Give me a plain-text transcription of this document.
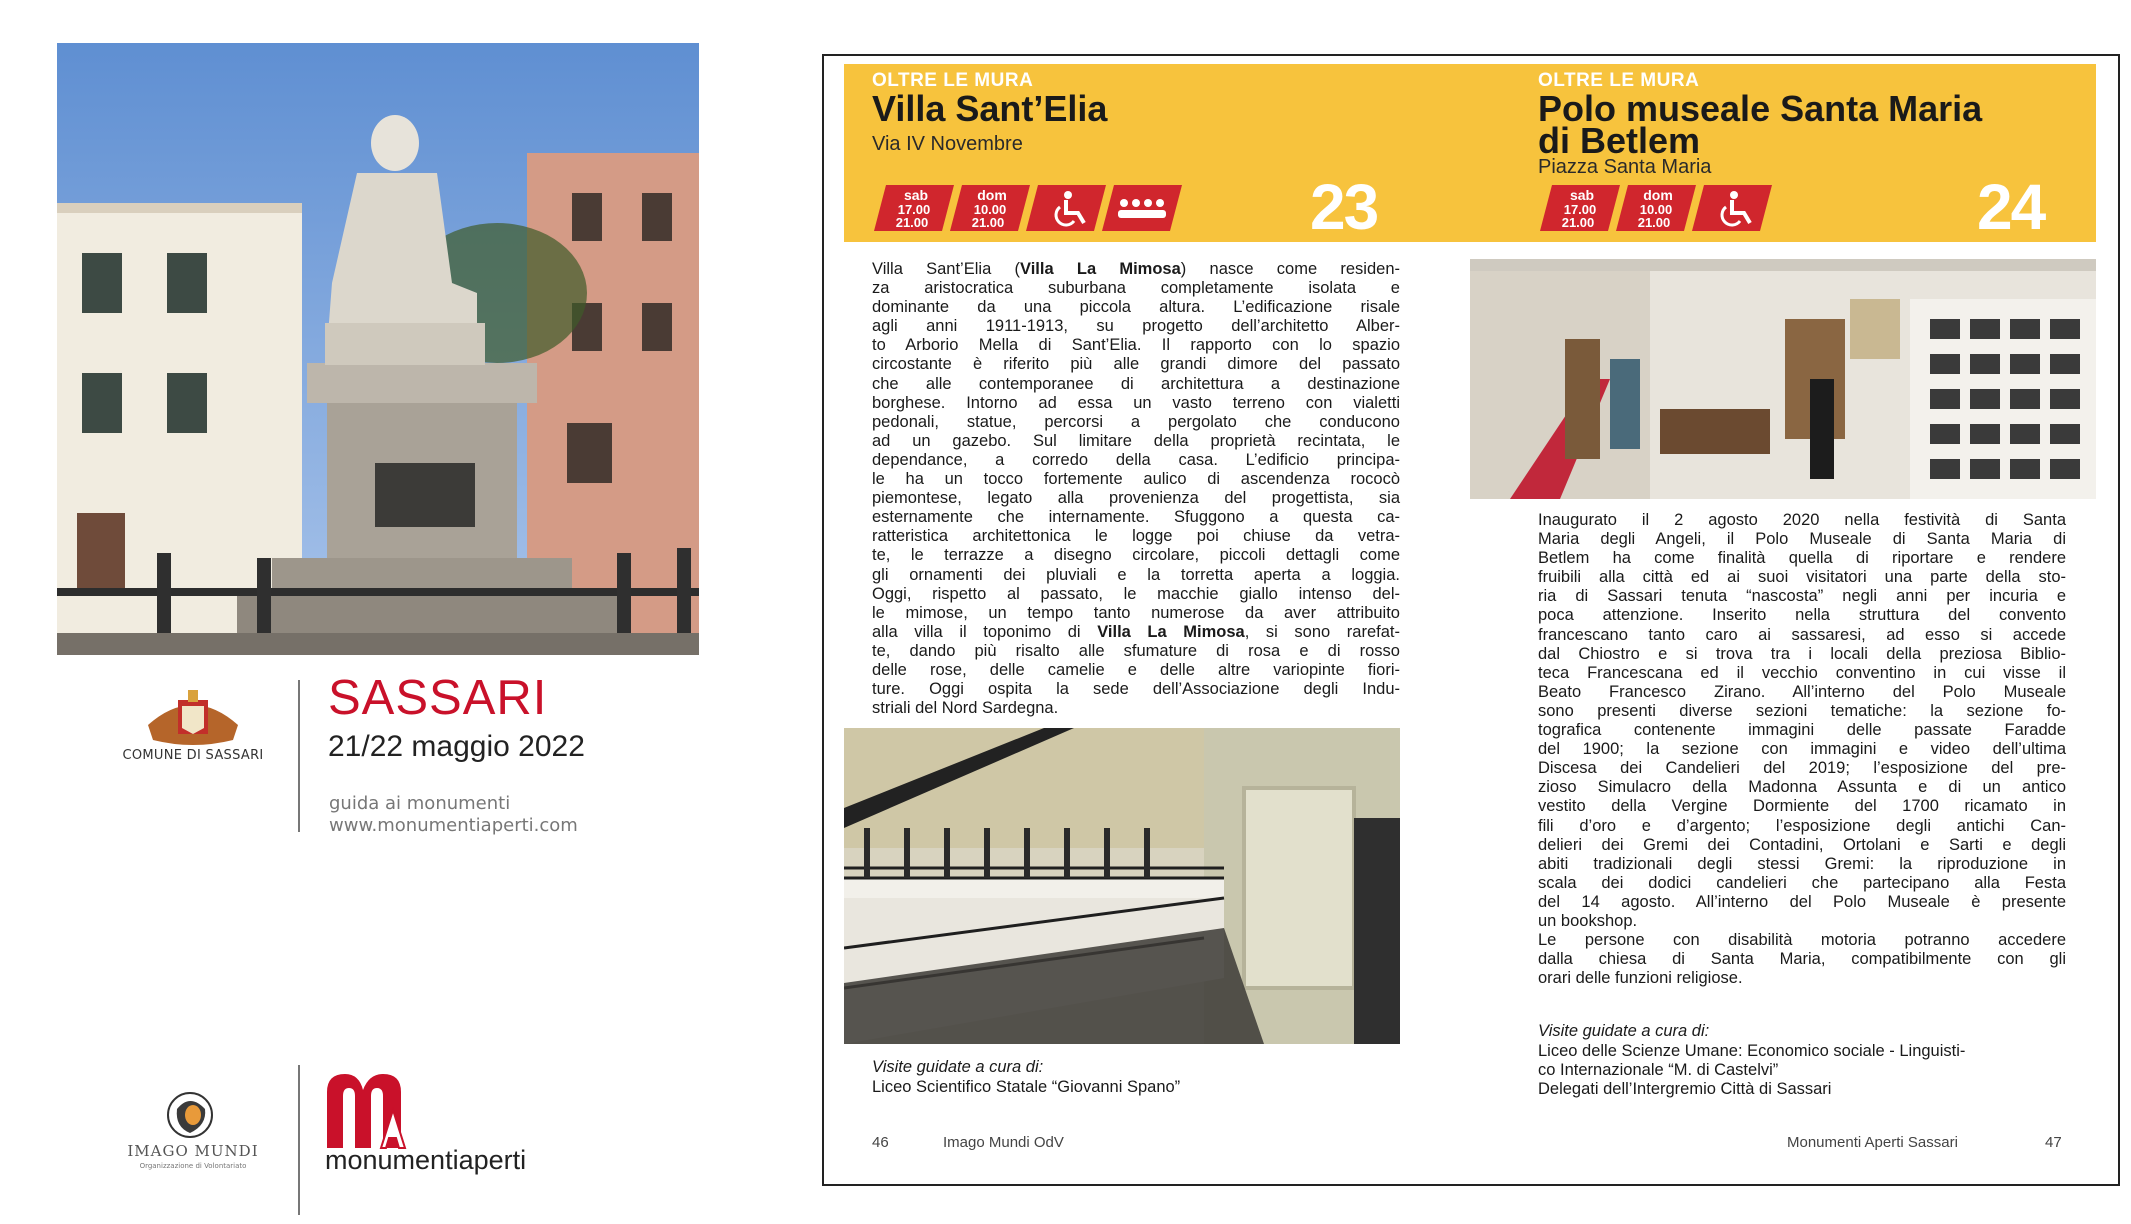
COMUNE DI SASSARI
SASSARI
21/22 maggio 2022
guida ai monumenti
www.monumentiaperti.com
IMAGO MUNDI
Organizzazione di Volontariato	monumentiaperti
OLTRE LE MURA
Villa Sant’Elia
Via IV Novembre
sab
17.00
21.00
dom
10.00
21.00	23
OLTRE LE MURA
Polo museale Santa Maria
di Betlem
Piazza Santa Maria
sab
17.00
21.00
dom
10.00
21.00	24
Villa Sant’Elia (Villa La Mimosa) nasce come residen-
za aristocratica suburbana completamente isolata e
dominante da una piccola altura. L’edificazione risale
agli anni 1911-1913, su progetto dell’architetto Alber-
to Arborio Mella di Sant’Elia. Il rapporto con lo spazio
circostante è riferito più alle grandi dimore del passato
che alle contemporanee di architettura a destinazione
borghese. Intorno ad essa un vasto terreno con vialetti
pedonali, statue, percorsi a pergolato che conducono
ad un gazebo. Sul limitare della proprietà recintata, le
dependance, a corredo della casa. L’edificio principa-
le ha un tocco fortemente aulico di ascendenza rococò
piemontese, legato alla provenienza del progettista, sia
esternamente che internamente. Sfuggono a questa ca-
ratteristica architettonica le logge poi chiuse da vetra-
te, le terrazze a disegno circolare, piccoli dettagli come
gli ornamenti dei pluviali e la torretta aperta a loggia.
Oggi, rispetto al passato, le macchie giallo intenso del-
le mimose, un tempo tanto numerose da aver attribuito
alla villa il toponimo di Villa La Mimosa, si sono rarefat-
te, dando più risalto alle sfumature di rosa e di rosso
delle rose, delle camelie e delle altre variopinte fiori-
ture. Oggi ospita la sede dell’Associazione degli Indu-
striali del Nord Sardegna.
Visite guidate a cura di:
Liceo Scientifico Statale “Giovanni Spano”
46	Imago Mundi OdV
Inaugurato il 2 agosto 2020 nella festività di Santa
Maria degli Angeli, il Polo Museale di Santa Maria di
Betlem ha come finalità quella di riportare e rendere
fruibili alla città ed ai suoi visitatori una parte della sto-
ria di Sassari tenuta “nascosta” negli anni per incuria e
poca attenzione. Inserito nella struttura del convento
francescano tanto caro ai sassaresi, ad esso si accede
dal Chiostro e si trova tra i locali della preziosa Biblio-
teca Francescana ed il vecchio conventino in cui visse il
Beato Francesco Zirano. All’interno del Polo Museale
sono presenti diverse sezioni tematiche: la sezione fo-
tografica contenente immagini delle passate Faradde
del 1900; la sezione con immagini e video dell’ultima
Discesa dei Candelieri del 2019; l’esposizione del pre-
zioso Simulacro della Madonna Assunta e di un antico
vestito della Vergine Dormiente del 1700 ricamato in
fili d’oro e d’argento; l’esposizione degli antichi Can-
delieri dei Gremi dei Contadini, Ortolani e Sarti e degli
abiti tradizionali degli stessi Gremi: la riproduzione in
scala dei dodici candelieri che partecipano alla Festa
del 14 agosto. All’interno del Polo Museale è presente
un bookshop.
Le persone con disabilità motoria potranno accedere
dalla chiesa di Santa Maria, compatibilmente con gli
orari delle funzioni religiose.
Visite guidate a cura di:
Liceo delle Scienze Umane: Economico sociale - Linguisti-
co Internazionale “M. di Castelvi”
Delegati dell’Intergremio Città di Sassari
Monumenti Aperti Sassari	47
